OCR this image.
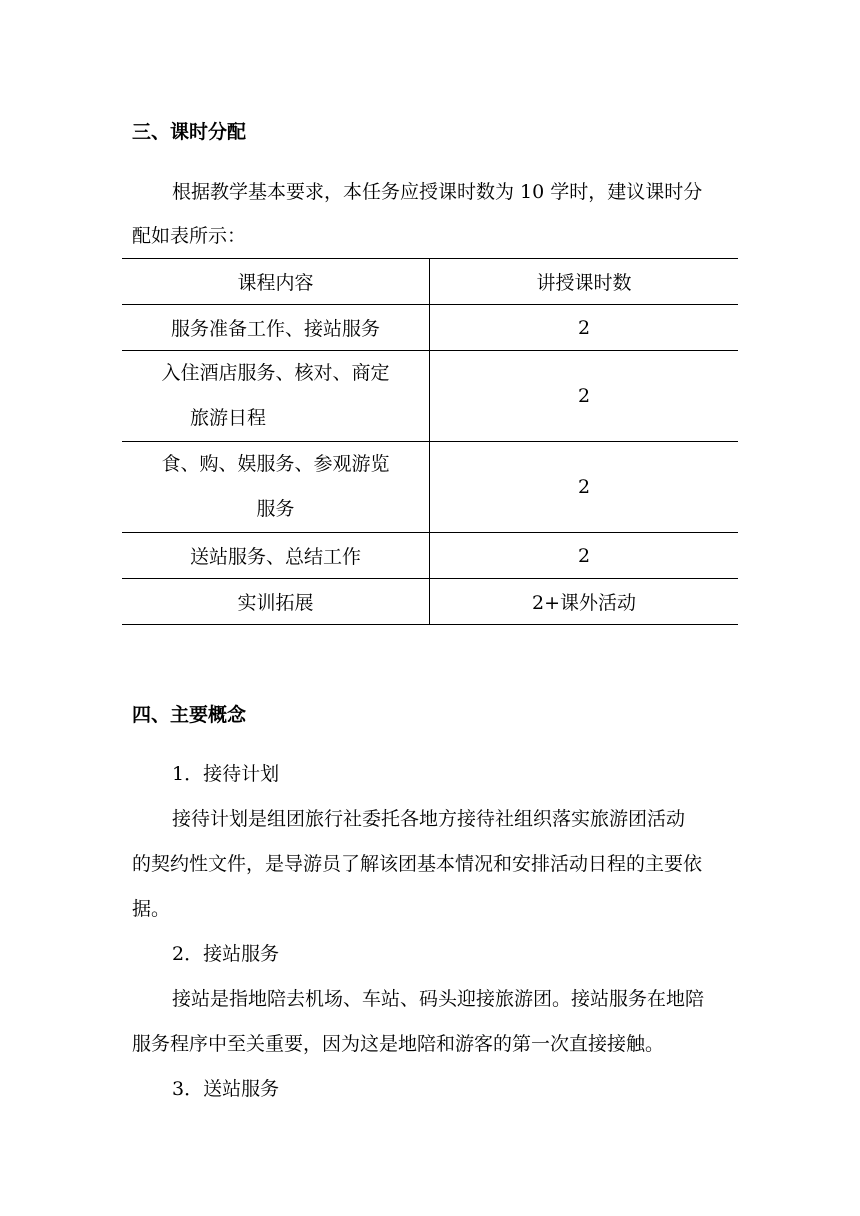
三、课时分配
根据教学基本要求，本任务应授课时数为 10 学时，建议课时分
配如表所示：
课程内容	讲授课时数
服务准备工作、接站服务	2
入住酒店服务、核对、商定
旅游日程	2
食、购、娱服务、参观游览
服务	2
送站服务、总结工作	2
实训拓展	2+课外活动
四、主要概念
1．接待计划
接待计划是组团旅行社委托各地方接待社组织落实旅游团活动
的契约性文件，是导游员了解该团基本情况和安排活动日程的主要依
据。
2．接站服务
接站是指地陪去机场、车站、码头迎接旅游团。接站服务在地陪
服务程序中至关重要，因为这是地陪和游客的第一次直接接触。
3．送站服务
